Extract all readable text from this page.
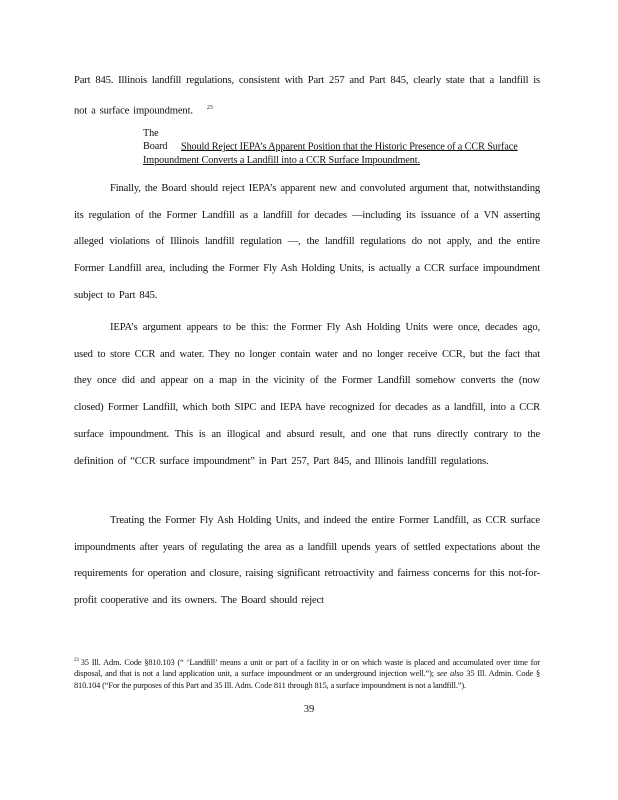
Part 845. Illinois landfill regulations, consistent with Part 257 and Part 845, clearly state that a landfill is not a surface impoundment. $^{23}$
The Board Should Reject IEPA’s Apparent Position that the Historic Presence of a CCR Surface Impoundment Converts a Landfill into a CCR Surface Impoundment.
Finally, the Board should reject IEPA’s apparent new and convoluted argument that, notwithstanding its regulation of the Former Landfill as a landfill for decades —including its issuance of a VN asserting alleged violations of Illinois landfill regulation —, the landfill regulations do not apply, and the entire Former Landfill area, including the Former Fly Ash Holding Units, is actually a CCR surface impoundment subject to Part 845.
IEPA’s argument appears to be this: the Former Fly Ash Holding Units were once, decades ago, used to store CCR and water. They no longer contain water and no longer receive CCR, but the fact that they once did and appear on a map in the vicinity of the Former Landfill somehow converts the (now closed) Former Landfill, which both SIPC and IEPA have recognized for decades as a landfill, into a CCR surface impoundment. This is an illogical and absurd result, and one that runs directly contrary to the definition of “CCR surface impoundment” in Part 257, Part 845, and Illinois landfill regulations.
Treating the Former Fly Ash Holding Units, and indeed the entire Former Landfill, as CCR surface impoundments after years of regulating the area as a landfill upends years of settled expectations about the requirements for operation and closure, raising significant retroactivity and fairness concerns for this not-for-profit cooperative and its owners. The Board should reject
$^{23}$ 35 Ill. Adm. Code §810.103 (“ ‘Landfill’ means a unit or part of a facility in or on which waste is placed and accumulated over time for disposal, and that is not a land application unit, a surface impoundment or an underground injection well.”); see also 35 Ill. Admin. Code § 810.104 (“For the purposes of this Part and 35 Ill. Adm. Code 811 through 815, a surface impoundment is not a landfill.”).
39
